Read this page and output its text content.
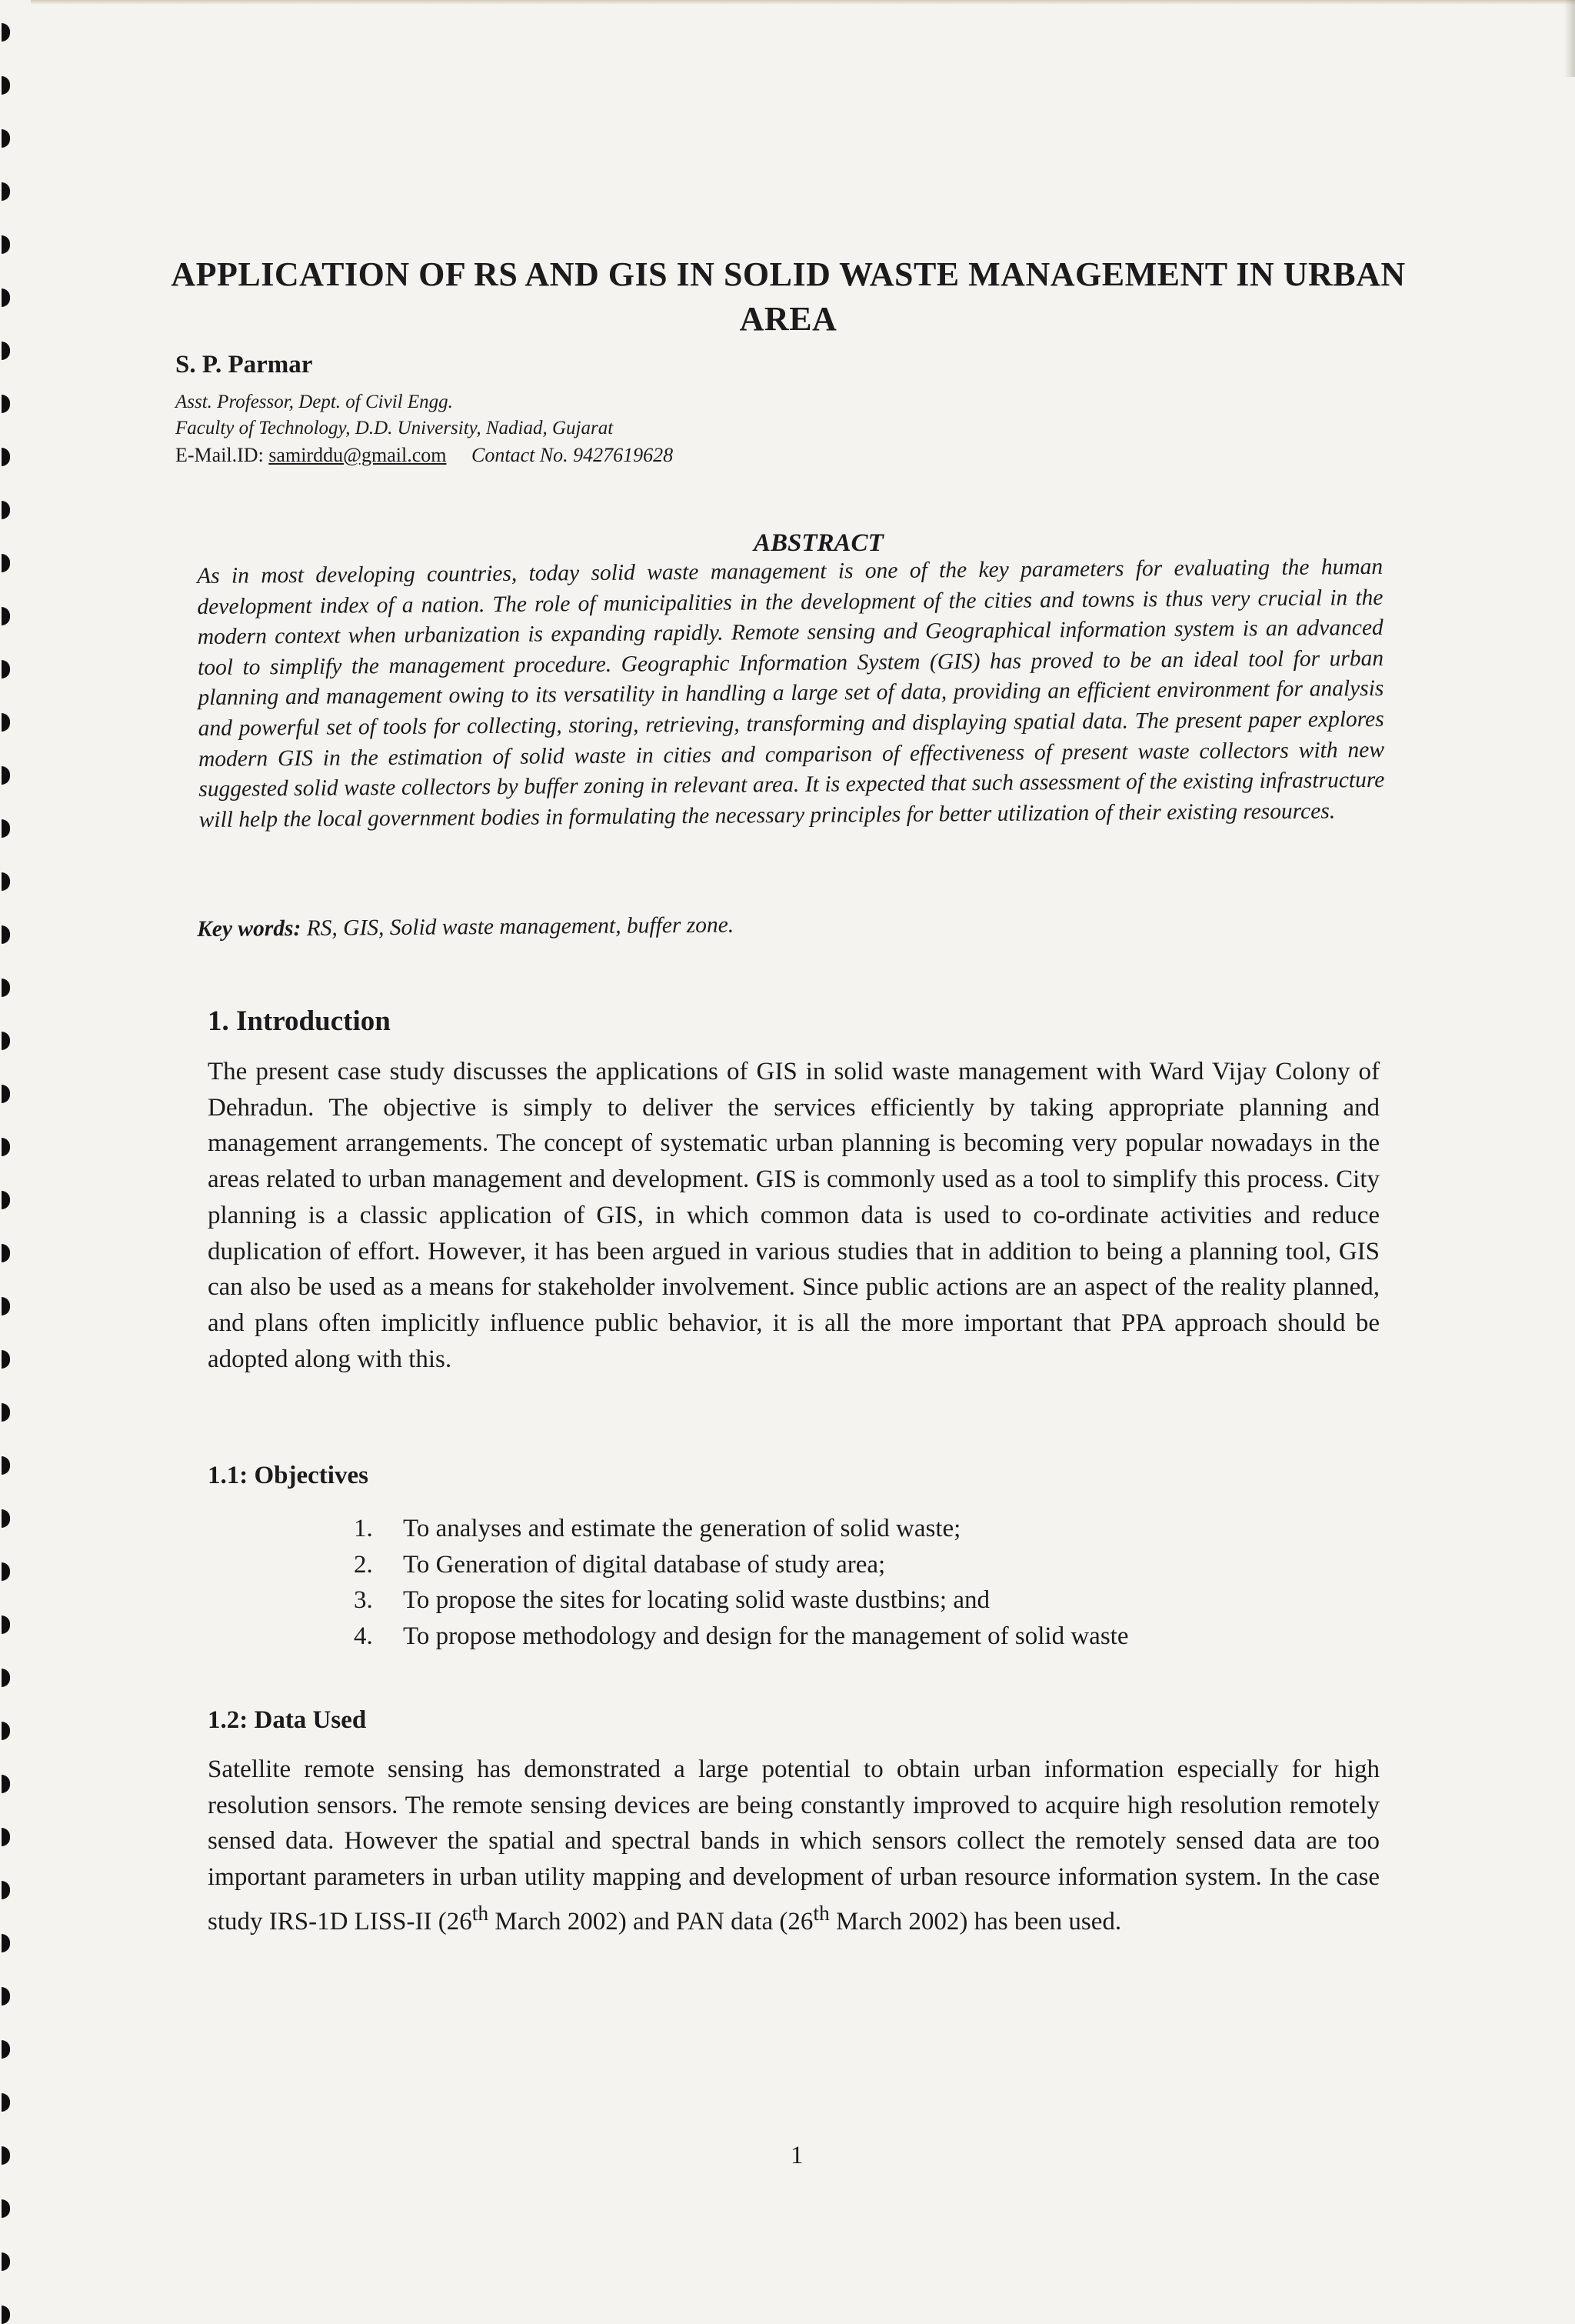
APPLICATION OF RS AND GIS IN SOLID WASTE MANAGEMENT IN URBAN AREA
S. P. Parmar
Asst. Professor, Dept. of Civil Engg.
Faculty of Technology, D.D. University, Nadiad, Gujarat
E-Mail.ID: samirddu@gmail.com Contact No. 9427619628
ABSTRACT
As in most developing countries, today solid waste management is one of the key parameters for evaluating the human development index of a nation. The role of municipalities in the development of the cities and towns is thus very crucial in the modern context when urbanization is expanding rapidly. Remote sensing and Geographical information system is an advanced tool to simplify the management procedure. Geographic Information System (GIS) has proved to be an ideal tool for urban planning and management owing to its versatility in handling a large set of data, providing an efficient environment for analysis and powerful set of tools for collecting, storing, retrieving, transforming and displaying spatial data. The present paper explores modern GIS in the estimation of solid waste in cities and comparison of effectiveness of present waste collectors with new suggested solid waste collectors by buffer zoning in relevant area. It is expected that such assessment of the existing infrastructure will help the local government bodies in formulating the necessary principles for better utilization of their existing resources.
Key words: RS, GIS, Solid waste management, buffer zone.
1. Introduction
The present case study discusses the applications of GIS in solid waste management with Ward Vijay Colony of Dehradun. The objective is simply to deliver the services efficiently by taking appropriate planning and management arrangements. The concept of systematic urban planning is becoming very popular nowadays in the areas related to urban management and development. GIS is commonly used as a tool to simplify this process. City planning is a classic application of GIS, in which common data is used to co-ordinate activities and reduce duplication of effort. However, it has been argued in various studies that in addition to being a planning tool, GIS can also be used as a means for stakeholder involvement. Since public actions are an aspect of the reality planned, and plans often implicitly influence public behavior, it is all the more important that PPA approach should be adopted along with this.
1.1: Objectives
1.	To analyses and estimate the generation of solid waste;
2.	To Generation of digital database of study area;
3.	To propose the sites for locating solid waste dustbins; and
4.	To propose methodology and design for the management of solid waste
1.2: Data Used
Satellite remote sensing has demonstrated a large potential to obtain urban information especially for high resolution sensors. The remote sensing devices are being constantly improved to acquire high resolution remotely sensed data. However the spatial and spectral bands in which sensors collect the remotely sensed data are too important parameters in urban utility mapping and development of urban resource information system. In the case study IRS-1D LISS-II (26th March 2002) and PAN data (26th March 2002) has been used.
1
